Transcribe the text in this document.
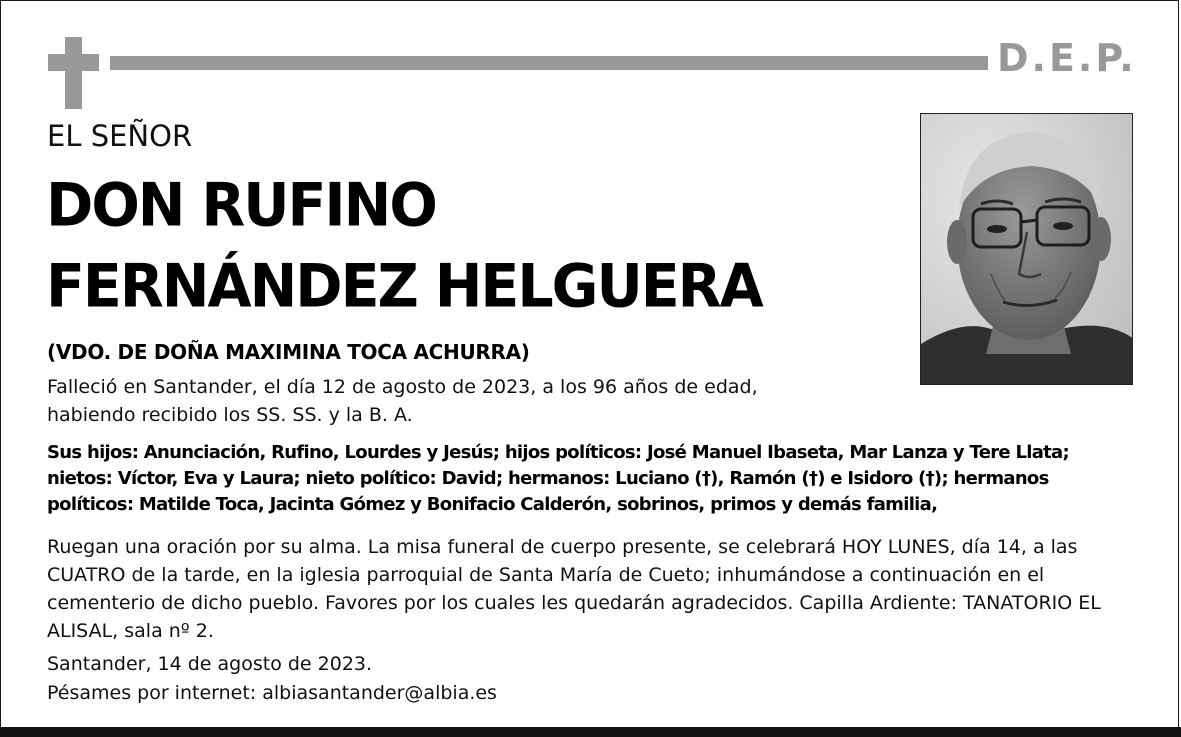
D.E.P.
EL SEÑOR
DON RUFINO
FERNÁNDEZ HELGUERA
(VDO. DE DOÑA MAXIMINA TOCA ACHURRA)
Falleció en Santander, el día 12 de agosto de 2023, a los 96 años de edad,
habiendo recibido los SS. SS. y la B. A.
Sus hijos: Anunciación, Rufino, Lourdes y Jesús; hijos políticos: José Manuel Ibaseta, Mar Lanza y Tere Llata; nietos: Víctor, Eva y Laura; nieto político: David; hermanos: Luciano (†), Ramón (†) e Isidoro (†); hermanos políticos: Matilde Toca, Jacinta Gómez y Bonifacio Calderón, sobrinos, primos y demás familia,
Ruegan una oración por su alma. La misa funeral de cuerpo presente, se celebrará HOY LUNES, día 14, a las CUATRO de la tarde, en la iglesia parroquial de Santa María de Cueto; inhumándose a continuación en el cementerio de dicho pueblo. Favores por los cuales les quedarán agradecidos. Capilla Ardiente: TANATORIO EL ALISAL, sala nº 2.
Santander, 14 de agosto de 2023.
Pésames por internet: albiasantander@albia.es
